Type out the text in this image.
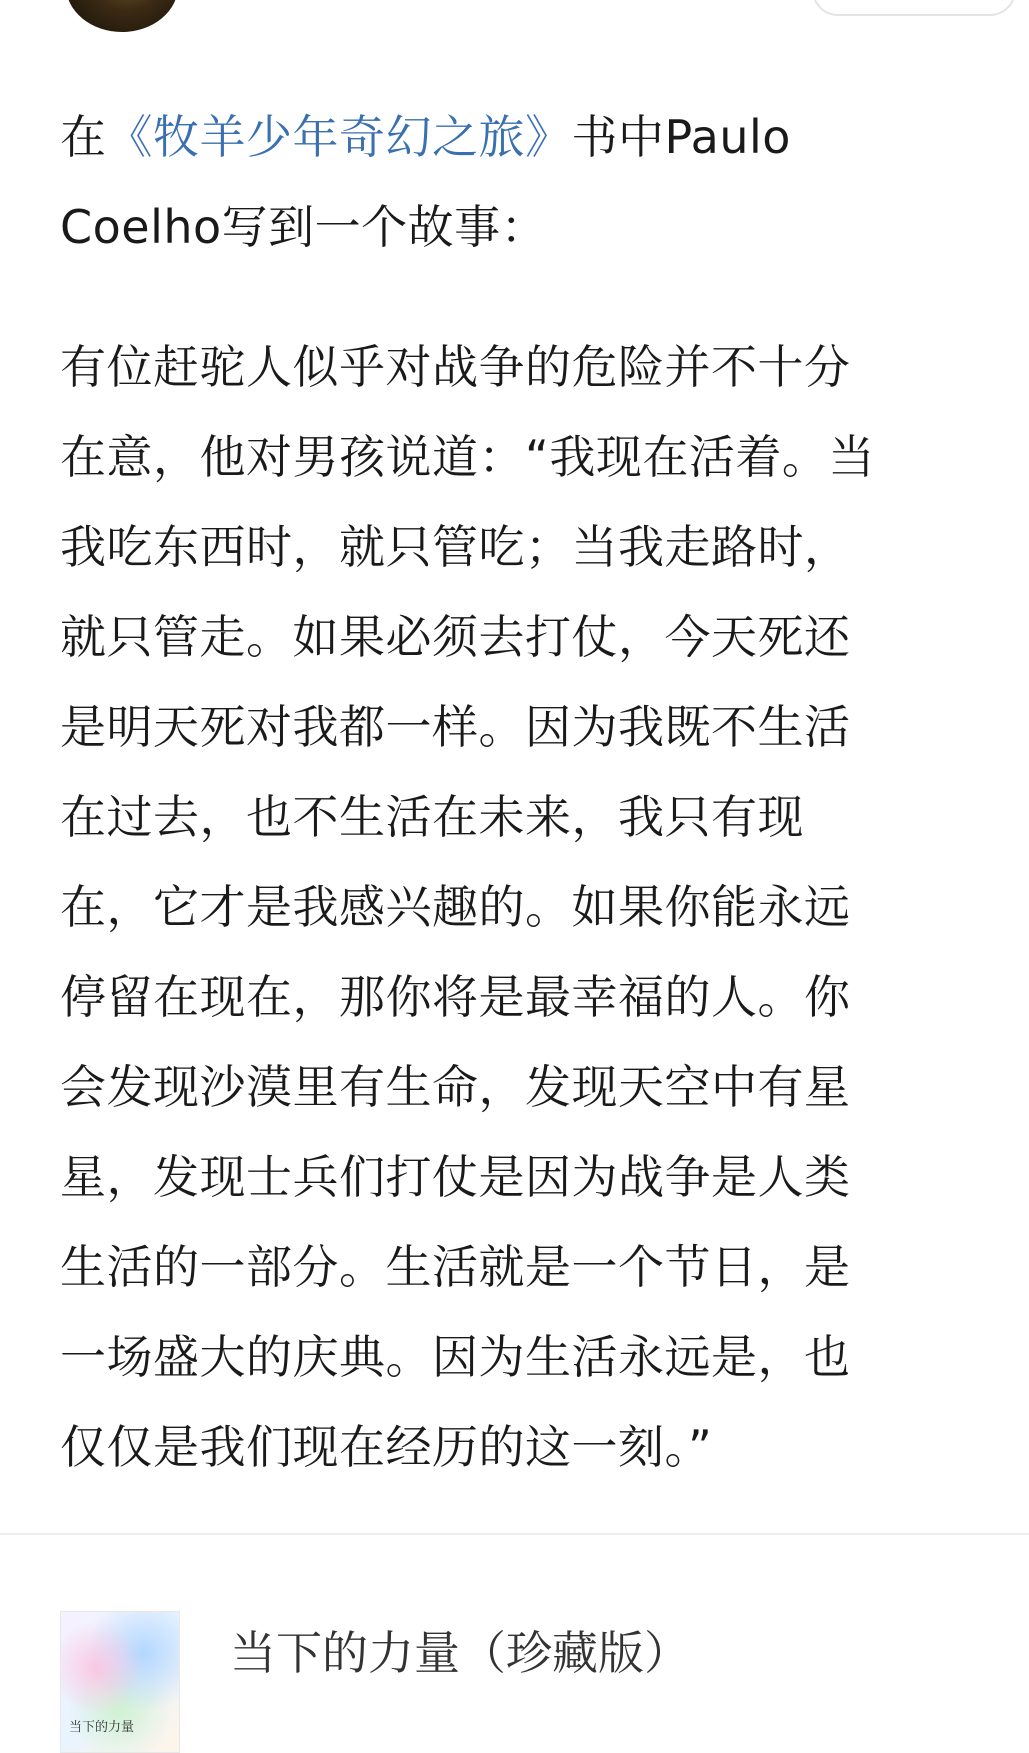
在《牧羊少年奇幻之旅》书中Paulo
Coelho写到一个故事：

有位赶驼人似乎对战争的危险并不十分
在意，他对男孩说道：“我现在活着。当
我吃东西时，就只管吃；当我走路时，
就只管走。如果必须去打仗，今天死还
是明天死对我都一样。因为我既不生活
在过去，也不生活在未来，我只有现
在，它才是我感兴趣的。如果你能永远
停留在现在，那你将是最幸福的人。你
会发现沙漠里有生命，发现天空中有星
星，发现士兵们打仗是因为战争是人类
生活的一部分。生活就是一个节日，是
一场盛大的庆典。因为生活永远是，也
仅仅是我们现在经历的这一刻。”

当下的力量
当下的力量（珍藏版）
